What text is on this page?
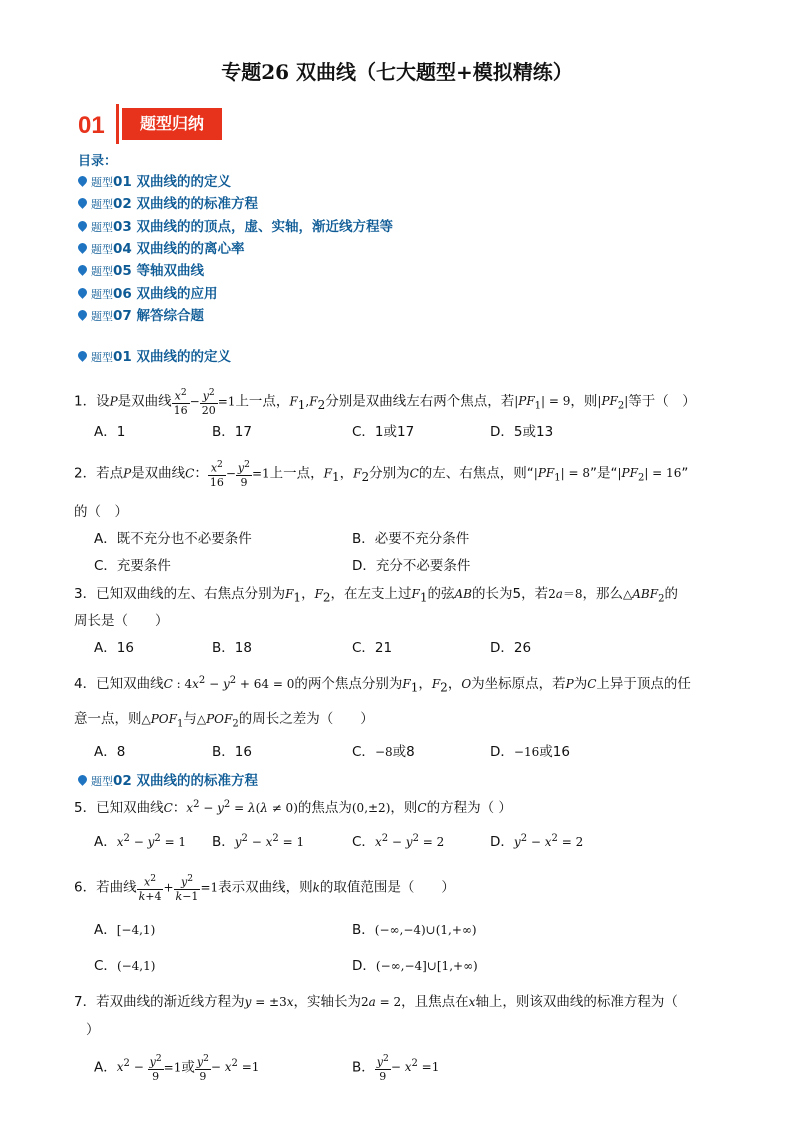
专题26 双曲线（七大题型+模拟精练）
01	题型归纳
目录：
题型01 双曲线的的定义
题型02 双曲线的的标准方程
题型03 双曲线的的顶点，虚、实轴，渐近线方程等
题型04 双曲线的的离心率
题型05 等轴双曲线
题型06 双曲线的应用
题型07 解答综合题
题型01 双曲线的的定义
1．设P是双曲线 $\frac{x^2}{16} - \frac{y^2}{20} =1$上一点，$F_1,F_2$分别是双曲线左右两个焦点，若$|PF_1| = 9$，则$|PF_2|$等于（　）
A．1	B．17	C．1或17	D．5或13
2．若点P是双曲线C： $\frac{x^2}{16} - \frac{y^2}{9} =1$上一点，$F_1$，$F_2$分别为C的左、右焦点，则“$|PF_1| = 8$”是“$|PF_2| = 16$”
的（　）
A．既不充分也不必要条件	B．必要不充分条件
C．充要条件	D．充分不必要条件
3．已知双曲线的左、右焦点分别为$F_1$，$F_2$，在左支上过$F_1$的弦AB的长为5，若2a＝8，那么$\triangle ABF_2$的
周长是（　　）
A．16	B．18	C．21	D．26
4．已知双曲线C : $4x^2 - y^2 + 64 = 0$的两个焦点分别为$F_1$，$F_2$，O为坐标原点，若P为C上异于顶点的任
意一点，则$\triangle POF_1$与$\triangle POF_2$的周长之差为（　　）
A．8	B．16	C．−8或8	D．−16或16
题型02 双曲线的的标准方程
5．已知双曲线C：$x^2 - y^2 = \lambda(\lambda \ne 0)$的焦点为(0,±2)，则C的方程为（ ）
A．$x^2 - y^2 = 1$ B．$y^2 - x^2 = 1$	C．$x^2 - y^2 = 2$	D．$y^2 - x^2 = 2$
6．若曲线 $\frac{x^2}{k+4} + \frac{y^2}{k-1} =1$表示双曲线，则k的取值范围是（　　）
A．[−4,1)	B．(−∞,−4)∪(1,+∞)
C．(−4,1)	D．(−∞,−4]∪[1,+∞)
7．若双曲线的渐近线方程为y = ±3x，实轴长为2a = 2，且焦点在x轴上，则该双曲线的标准方程为（
）
A．$x^2 - \frac{y^2}{9} =1$或 $\frac{y^2}{9} - x^2 =1$	B． $\frac{y^2}{9} - x^2 =1$
